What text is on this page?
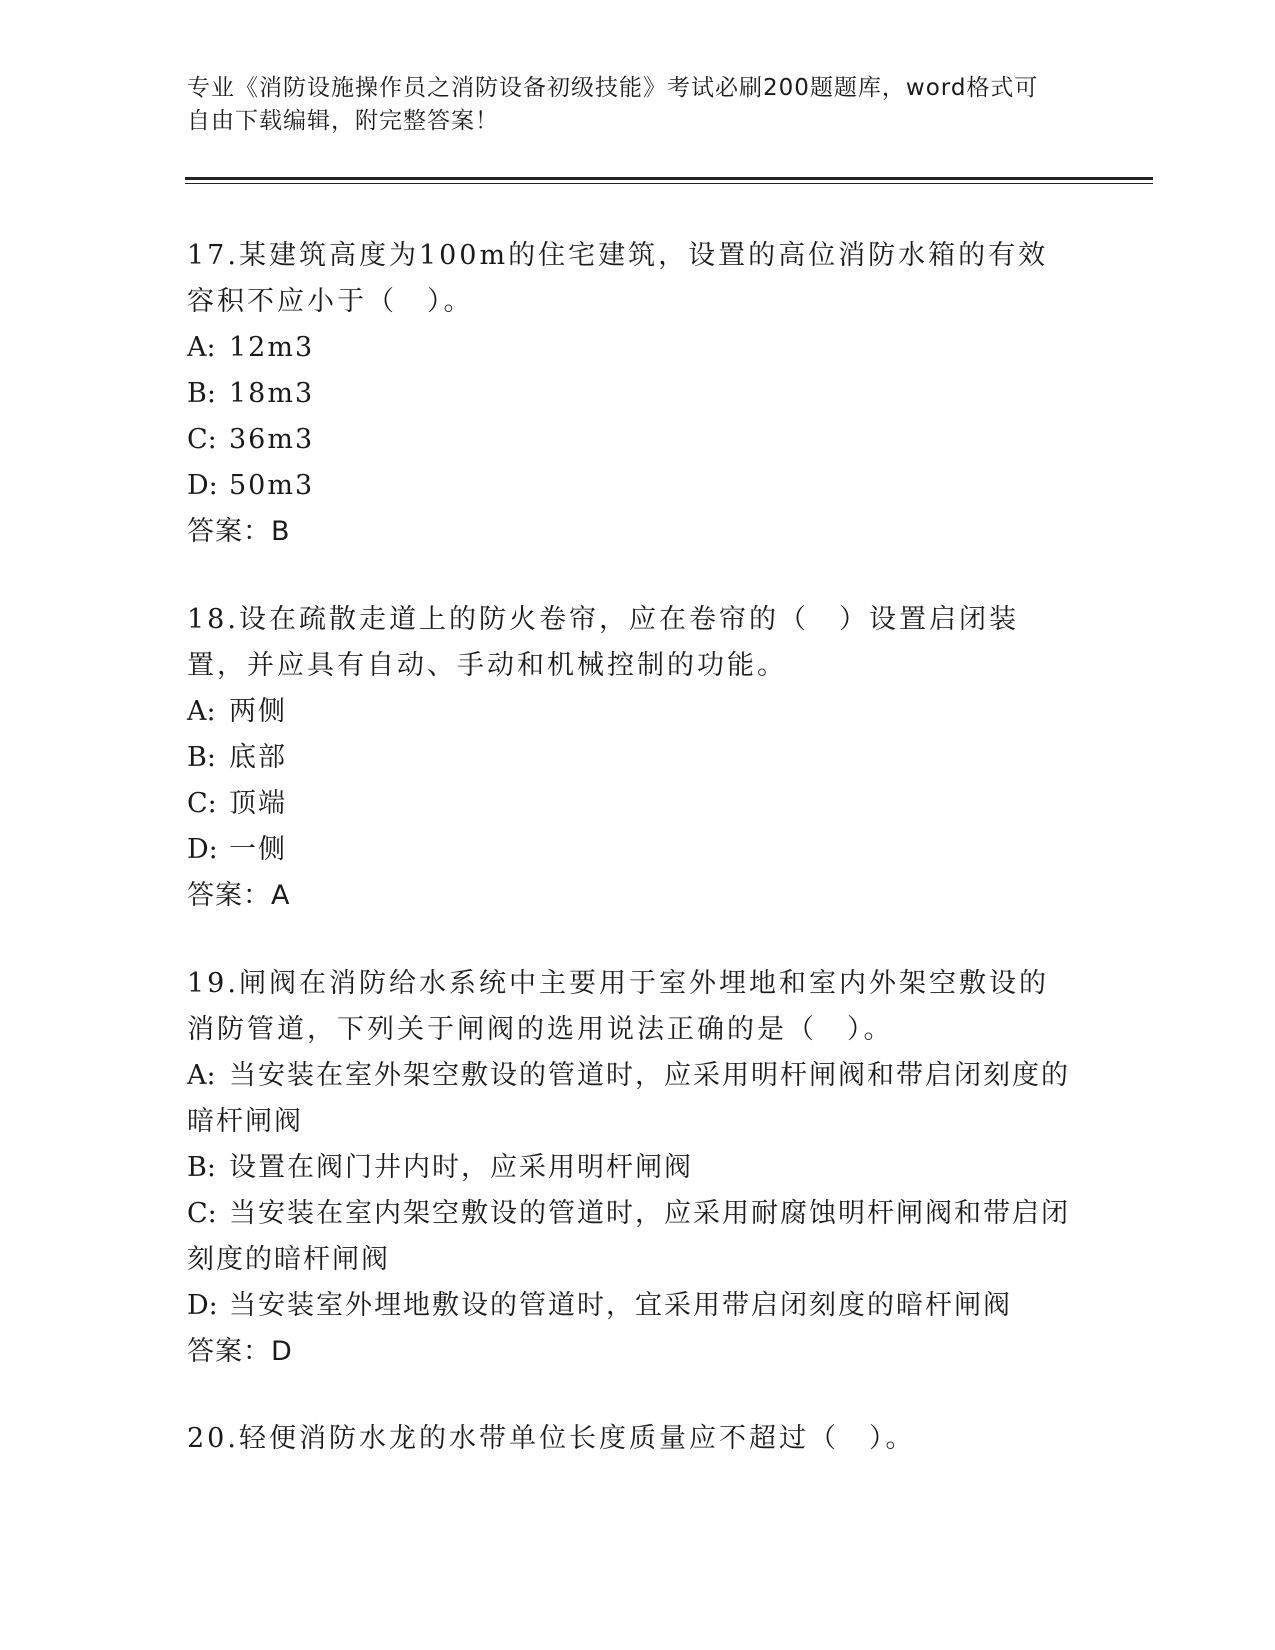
专业《消防设施操作员之消防设备初级技能》考试必刷200题题库，word格式可
自由下载编辑，附完整答案！

17.某建筑高度为100m的住宅建筑，设置的高位消防水箱的有效容积不应小于（　）。

A: 12m3

B: 18m3

C: 36m3

D: 50m3

答案：B

18.设在疏散走道上的防火卷帘，应在卷帘的（　）设置启闭装置，并应具有自动、手动和机械控制的功能。

A: 两侧

B: 底部

C: 顶端

D: 一侧

答案：A

19.闸阀在消防给水系统中主要用于室外埋地和室内外架空敷设的消防管道，下列关于闸阀的选用说法正确的是（　）。

A: 当安装在室外架空敷设的管道时，应采用明杆闸阀和带启闭刻度的暗杆闸阀

B: 设置在阀门井内时，应采用明杆闸阀

C: 当安装在室内架空敷设的管道时，应采用耐腐蚀明杆闸阀和带启闭刻度的暗杆闸阀

D: 当安装室外埋地敷设的管道时，宜采用带启闭刻度的暗杆闸阀

答案：D

20.轻便消防水龙的水带单位长度质量应不超过（　）。
